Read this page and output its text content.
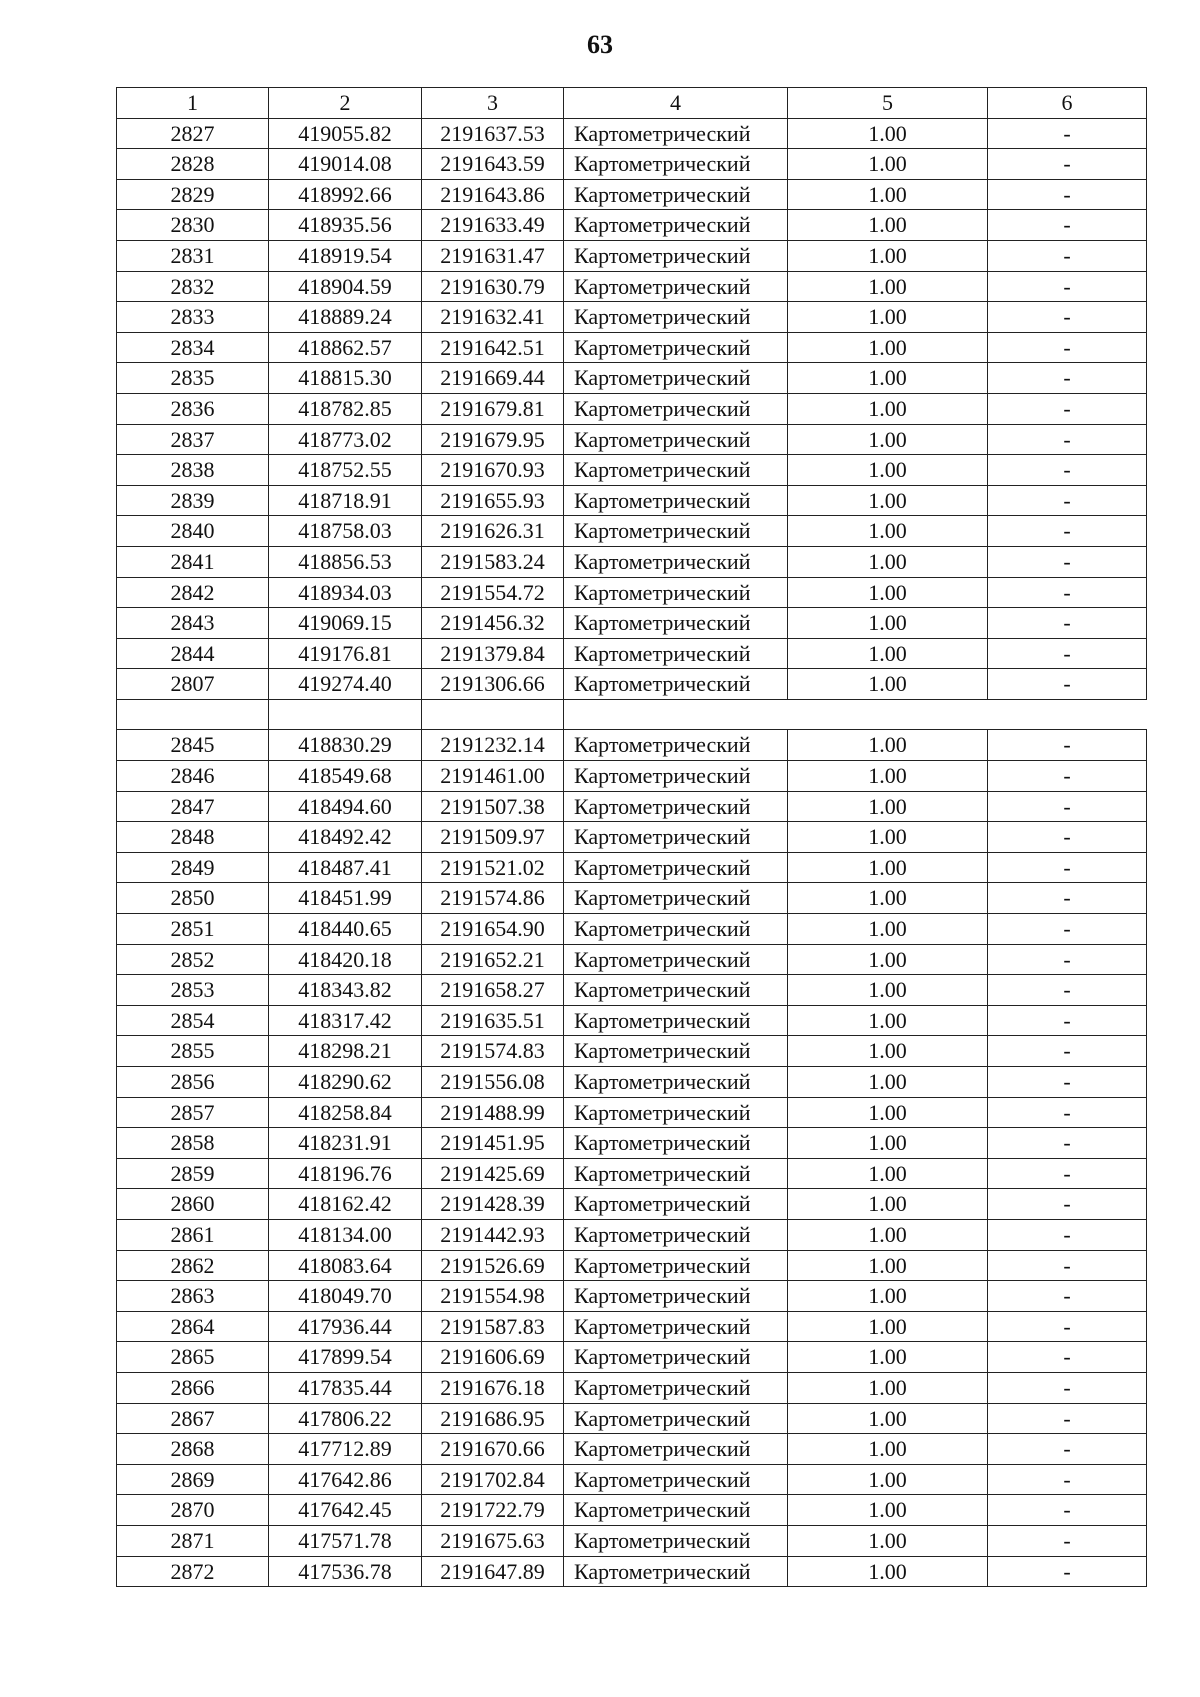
63
1	2	3	4	5	6
2827	419055.82	2191637.53	Картометрический	1.00	-
2828	419014.08	2191643.59	Картометрический	1.00	-
2829	418992.66	2191643.86	Картометрический	1.00	-
2830	418935.56	2191633.49	Картометрический	1.00	-
2831	418919.54	2191631.47	Картометрический	1.00	-
2832	418904.59	2191630.79	Картометрический	1.00	-
2833	418889.24	2191632.41	Картометрический	1.00	-
2834	418862.57	2191642.51	Картометрический	1.00	-
2835	418815.30	2191669.44	Картометрический	1.00	-
2836	418782.85	2191679.81	Картометрический	1.00	-
2837	418773.02	2191679.95	Картометрический	1.00	-
2838	418752.55	2191670.93	Картометрический	1.00	-
2839	418718.91	2191655.93	Картометрический	1.00	-
2840	418758.03	2191626.31	Картометрический	1.00	-
2841	418856.53	2191583.24	Картометрический	1.00	-
2842	418934.03	2191554.72	Картометрический	1.00	-
2843	419069.15	2191456.32	Картометрический	1.00	-
2844	419176.81	2191379.84	Картометрический	1.00	-
2807	419274.40	2191306.66	Картометрический	1.00	-

2845	418830.29	2191232.14	Картометрический	1.00	-
2846	418549.68	2191461.00	Картометрический	1.00	-
2847	418494.60	2191507.38	Картометрический	1.00	-
2848	418492.42	2191509.97	Картометрический	1.00	-
2849	418487.41	2191521.02	Картометрический	1.00	-
2850	418451.99	2191574.86	Картометрический	1.00	-
2851	418440.65	2191654.90	Картометрический	1.00	-
2852	418420.18	2191652.21	Картометрический	1.00	-
2853	418343.82	2191658.27	Картометрический	1.00	-
2854	418317.42	2191635.51	Картометрический	1.00	-
2855	418298.21	2191574.83	Картометрический	1.00	-
2856	418290.62	2191556.08	Картометрический	1.00	-
2857	418258.84	2191488.99	Картометрический	1.00	-
2858	418231.91	2191451.95	Картометрический	1.00	-
2859	418196.76	2191425.69	Картометрический	1.00	-
2860	418162.42	2191428.39	Картометрический	1.00	-
2861	418134.00	2191442.93	Картометрический	1.00	-
2862	418083.64	2191526.69	Картометрический	1.00	-
2863	418049.70	2191554.98	Картометрический	1.00	-
2864	417936.44	2191587.83	Картометрический	1.00	-
2865	417899.54	2191606.69	Картометрический	1.00	-
2866	417835.44	2191676.18	Картометрический	1.00	-
2867	417806.22	2191686.95	Картометрический	1.00	-
2868	417712.89	2191670.66	Картометрический	1.00	-
2869	417642.86	2191702.84	Картометрический	1.00	-
2870	417642.45	2191722.79	Картометрический	1.00	-
2871	417571.78	2191675.63	Картометрический	1.00	-
2872	417536.78	2191647.89	Картометрический	1.00	-
